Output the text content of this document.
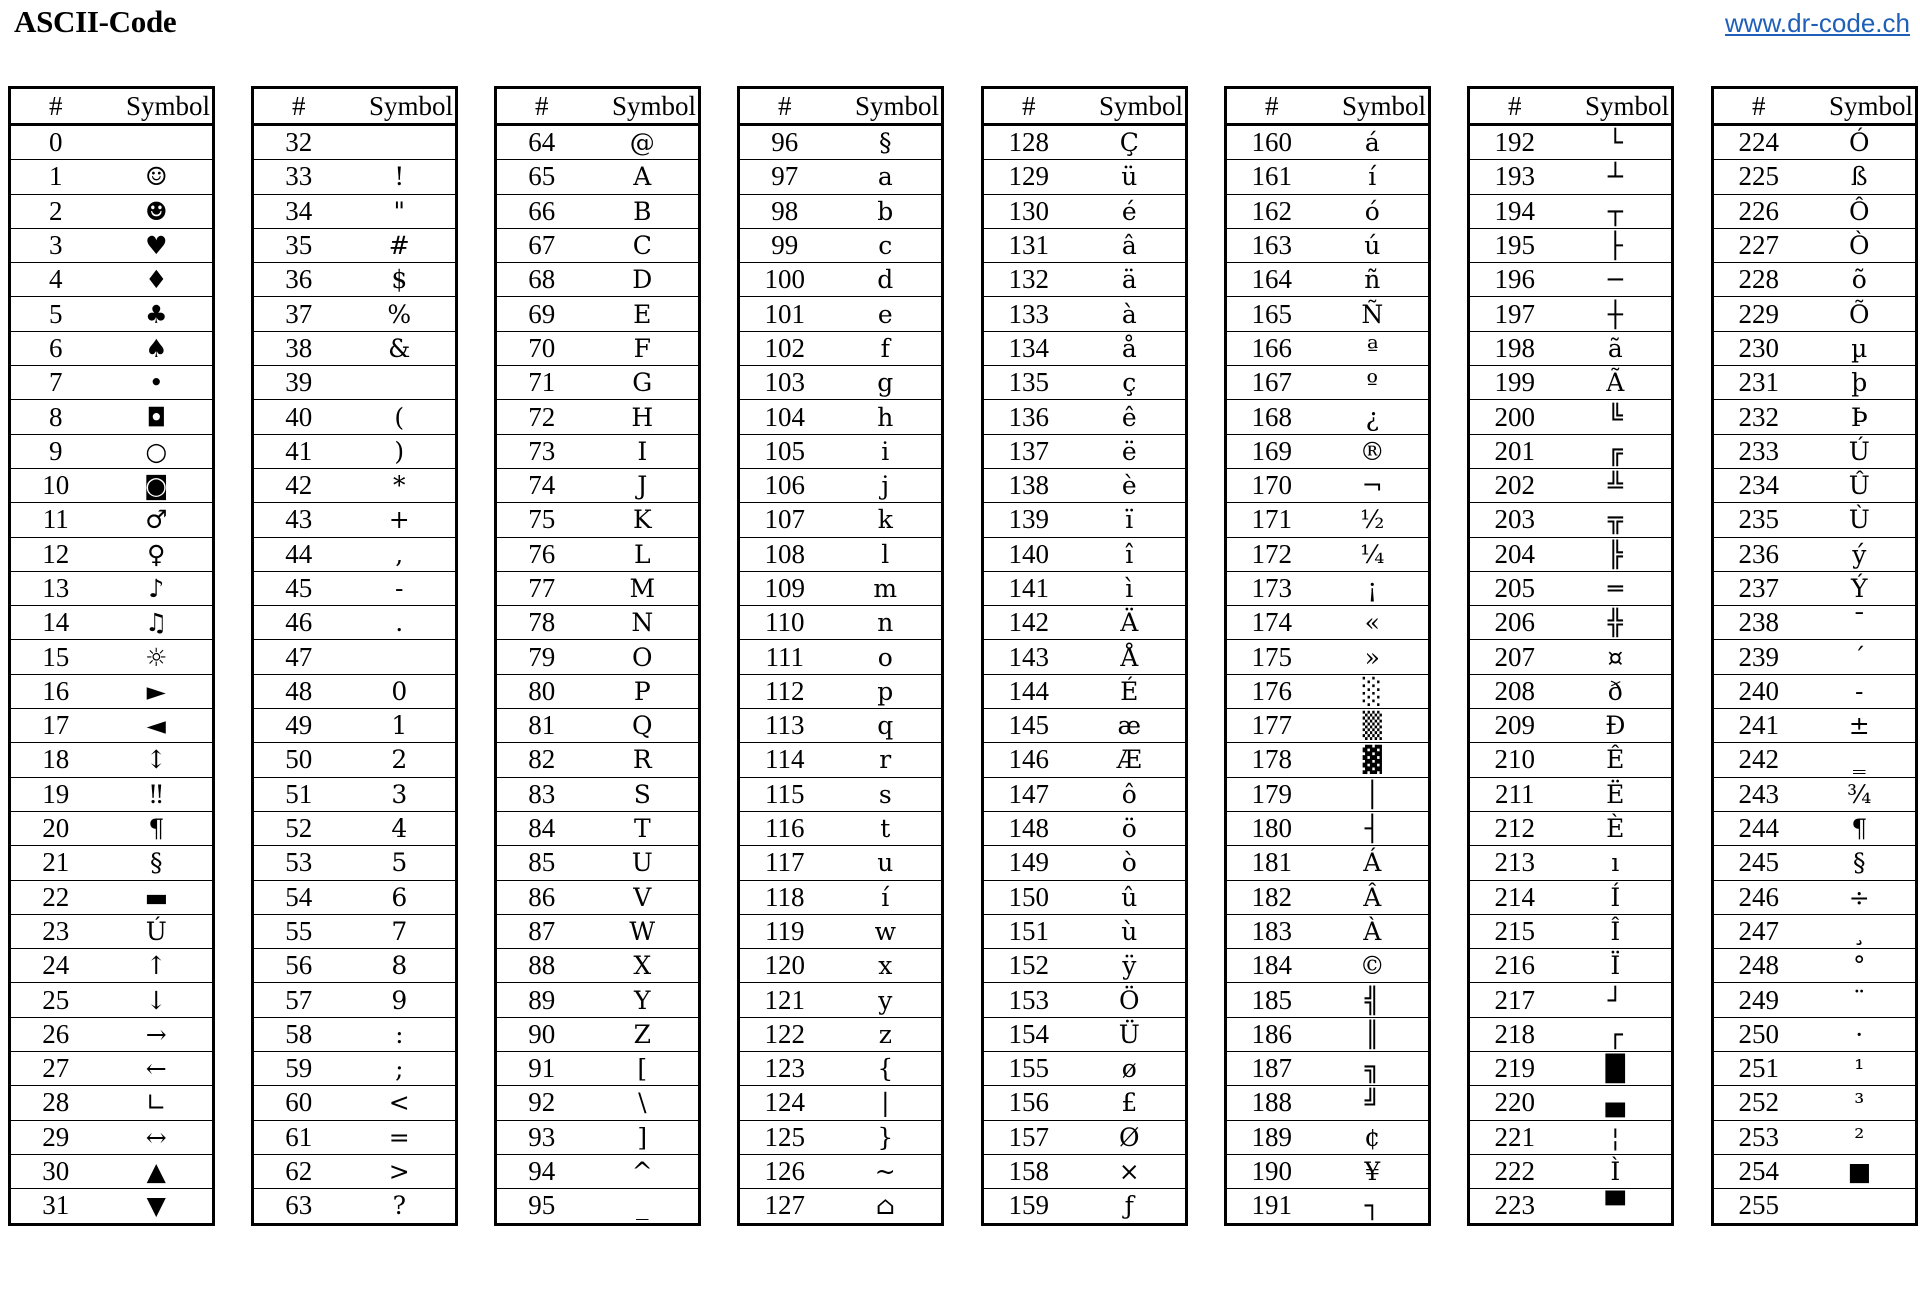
ASCII-Code	www.dr-code.ch
#	Symbol
0	
1	☺
2	☻
3	♥
4	♦
5	♣
6	♠
7	•
8	◘
9	○
10	◙
11	♂
12	♀
13	♪
14	♫
15	☼
16	►
17	◄
18	↕
19	‼
20	¶
21	§
22	▬
23	Ú
24	↑
25	↓
26	→
27	←
28	∟
29	↔
30	▲
31	▼
#	Symbol
32	
33	!
34	"
35	#
36	$
37	%
38	&
39	
40	(
41	)
42	*
43	+
44	,
45	-
46	.
47	
48	0
49	1
50	2
51	3
52	4
53	5
54	6
55	7
56	8
57	9
58	:
59	;
60	<
61	=
62	>
63	?
#	Symbol
64	@
65	A
66	B
67	C
68	D
69	E
70	F
71	G
72	H
73	I
74	J
75	K
76	L
77	M
78	N
79	O
80	P
81	Q
82	R
83	S
84	T
85	U
86	V
87	W
88	X
89	Y
90	Z
91	[
92	\
93	]
94	^
95	_
#	Symbol
96	§
97	a
98	b
99	c
100	d
101	e
102	f
103	g
104	h
105	i
106	j
107	k
108	l
109	m
110	n
111	o
112	p
113	q
114	r
115	s
116	t
117	u
118	í
119	w
120	x
121	y
122	z
123	{
124	|
125	}
126	~
127	⌂
#	Symbol
128	Ç
129	ü
130	é
131	â
132	ä
133	à
134	å
135	ç
136	ê
137	ë
138	è
139	ï
140	î
141	ì
142	Ä
143	Å
144	É
145	æ
146	Æ
147	ô
148	ö
149	ò
150	û
151	ù
152	ÿ
153	Ö
154	Ü
155	ø
156	£
157	Ø
158	×
159	ƒ
#	Symbol
160	á
161	í
162	ó
163	ú
164	ñ
165	Ñ
166	ª
167	º
168	¿
169	®
170	¬
171	½
172	¼
173	¡
174	«
175	»
176	░
177	▒
178	▓
179	│
180	┤
181	Á
182	Â
183	À
184	©
185	╣
186	║
187	╗
188	╝
189	¢
190	¥
191	┐
#	Symbol
192	└
193	┴
194	┬
195	├
196	─
197	┼
198	ã
199	Ã
200	╚
201	╔
202	╩
203	╦
204	╠
205	═
206	╬
207	¤
208	ð
209	Ð
210	Ê
211	Ë
212	È
213	ı
214	Í
215	Î
216	Ï
217	┘
218	┌
219	█
220	▄
221	¦
222	Ì
223	▀
#	Symbol
224	Ó
225	ß
226	Ô
227	Ò
228	õ
229	Õ
230	µ
231	þ
232	Þ
233	Ú
234	Û
235	Ù
236	ý
237	Ý
238	¯
239	´
240	-
241	±
242	‗
243	¾
244	¶
245	§
246	÷
247	¸
248	°
249	¨
250	·
251	¹
252	³
253	²
254	■
255	
